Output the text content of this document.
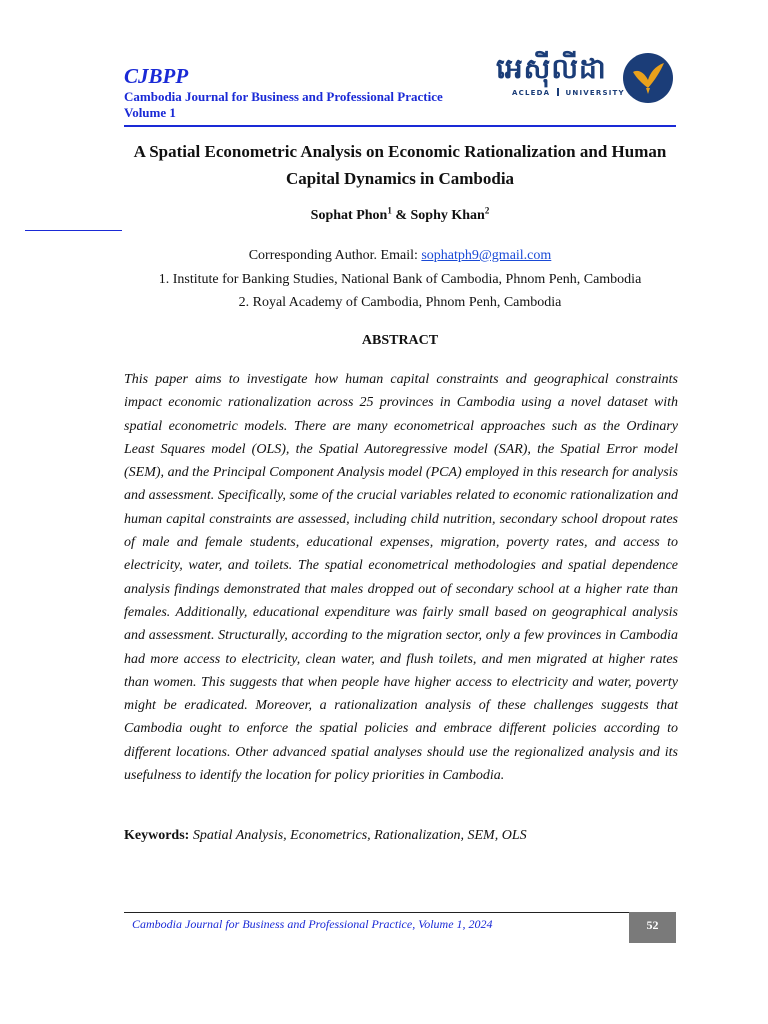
CJBPP
Cambodia Journal for Business and Professional Practice
Volume 1
អេស៊ីលីដា
ACLEDA UNIVERSITY
A Spatial Econometric Analysis on Economic Rationalization and Human
Capital Dynamics in Cambodia
Sophat Phon$^1$ & Sophy Khan$^2$
Corresponding Author. Email: sophatph9@gmail.com
1. Institute for Banking Studies, National Bank of Cambodia, Phnom Penh, Cambodia
2. Royal Academy of Cambodia, Phnom Penh, Cambodia
ABSTRACT
This paper aims to investigate how human capital constraints and geographical constraints impact economic rationalization across 25 provinces in Cambodia using a novel dataset with spatial econometric models. There are many econometrical approaches such as the Ordinary Least Squares model (OLS), the Spatial Autoregressive model (SAR), the Spatial Error model (SEM), and the Principal Component Analysis model (PCA) employed in this research for analysis and assessment. Specifically, some of the crucial variables related to economic rationalization and human capital constraints are assessed, including child nutrition, secondary school dropout rates of male and female students, educational expenses, migration, poverty rates, and access to electricity, water, and toilets. The spatial econometrical methodologies and spatial dependence analysis findings demonstrated that males dropped out of secondary school at a higher rate than females. Additionally, educational expenditure was fairly small based on geographical analysis and assessment. Structurally, according to the migration sector, only a few provinces in Cambodia had more access to electricity, clean water, and flush toilets, and men migrated at higher rates than women. This suggests that when people have higher access to electricity and water, poverty might be eradicated. Moreover, a rationalization analysis of these challenges suggests that Cambodia ought to enforce the spatial policies and embrace different policies according to different locations. Other advanced spatial analyses should use the regionalized analysis and its usefulness to identify the location for policy priorities in Cambodia.
Keywords: Spatial Analysis, Econometrics, Rationalization, SEM, OLS
Cambodia Journal for Business and Professional Practice, Volume 1, 2024	52
